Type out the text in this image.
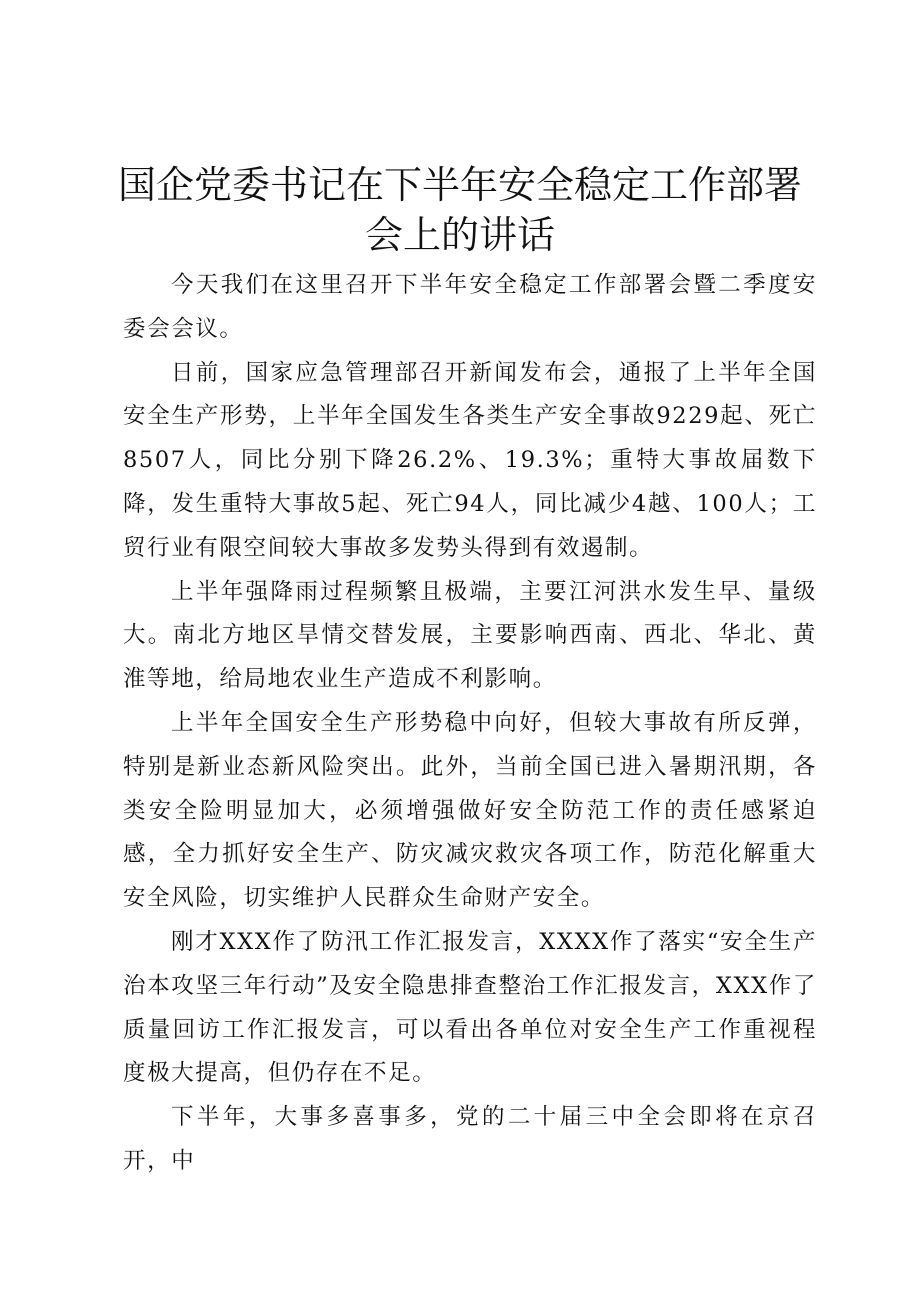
国企党委书记在下半年安全稳定工作部署会上的讲话

今天我们在这里召开下半年安全稳定工作部署会暨二季度安委会会议。

日前，国家应急管理部召开新闻发布会，通报了上半年全国安全生产形势，上半年全国发生各类生产安全事故9229起、死亡8507人，同比分别下降26.2%、19.3%；重特大事故届数下降，发生重特大事故5起、死亡94人，同比减少4越、100人；工贸行业有限空间较大事故多发势头得到有效遏制。

上半年强降雨过程频繁且极端，主要江河洪水发生早、量级大。南北方地区旱情交替发展，主要影响西南、西北、华北、黄淮等地，给局地农业生产造成不利影响。

上半年全国安全生产形势稳中向好，但较大事故有所反弹，特别是新业态新风险突出。此外，当前全国已进入暑期汛期，各类安全险明显加大，必须增强做好安全防范工作的责任感紧迫感，全力抓好安全生产、防灾减灾救灾各项工作，防范化解重大安全风险，切实维护人民群众生命财产安全。

刚才XXX作了防汛工作汇报发言，XXXX作了落实“安全生产治本攻坚三年行动”及安全隐患排查整治工作汇报发言，XXX作了质量回访工作汇报发言，可以看出各单位对安全生产工作重视程度极大提高，但仍存在不足。

下半年，大事多喜事多，党的二十届三中全会即将在京召开，中
